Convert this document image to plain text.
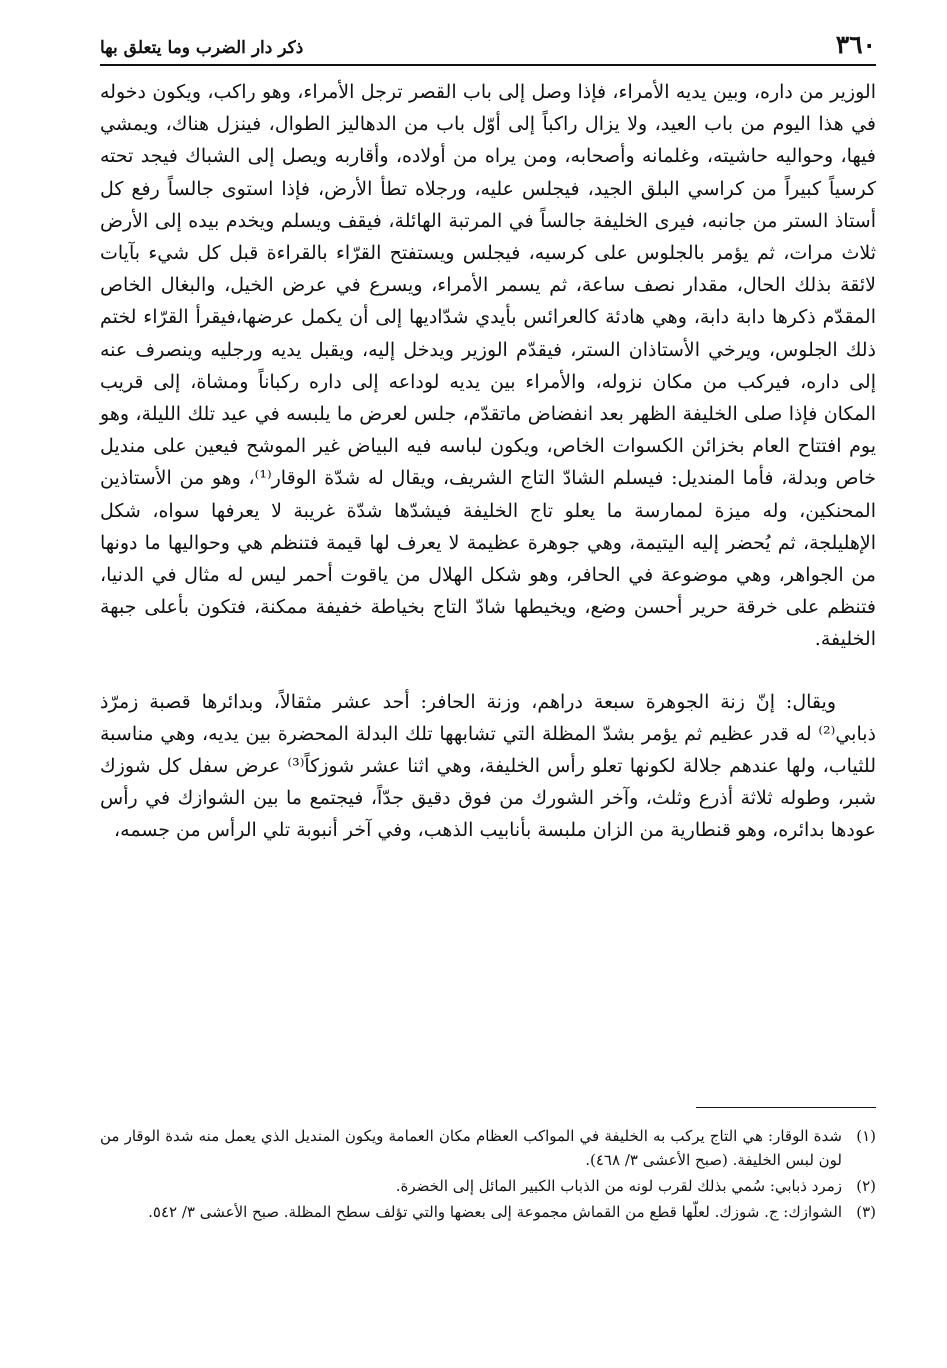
٣٦٠
ذكر دار الضرب وما يتعلق بها

الوزير من داره، وبين يديه الأمراء، فإذا وصل إلى باب القصر ترجل الأمراء، وهو راكب، ويكون دخوله في هذا اليوم من باب العيد، ولا يزال راكباً إلى أوّل باب من الدهاليز الطوال، فينزل هناك، ويمشي فيها، وحواليه حاشيته، وغلمانه وأصحابه، ومن يراه من أولاده، وأقاربه ويصل إلى الشباك فيجد تحته كرسياً كبيراً من كراسي البلق الجيد، فيجلس عليه، ورجلاه تطأ الأرض، فإذا استوى جالساً رفع كل أستاذ الستر من جانبه، فيرى الخليفة جالساً في المرتبة الهائلة، فيقف ويسلم ويخدم بيده إلى الأرض ثلاث مرات، ثم يؤمر بالجلوس على كرسيه، فيجلس ويستفتح القرّاء بالقراءة قبل كل شيء بآيات لائقة بذلك الحال، مقدار نصف ساعة، ثم يسمر الأمراء، ويسرع في عرض الخيل، والبغال الخاص المقدّم ذكرها دابة دابة، وهي هادئة كالعرائس بأيدي شدّاديها إلى أن يكمل عرضها،فيقرأ القرّاء لختم ذلك الجلوس، ويرخي الأستاذان الستر، فيقدّم الوزير ويدخل إليه، ويقبل يديه ورجليه وينصرف عنه إلى داره، فيركب من مكان نزوله، والأمراء بين يديه لوداعه إلى داره ركباناً ومشاة، إلى قريب المكان فإذا صلى الخليفة الظهر بعد انفضاض ماتقدّم، جلس لعرض ما يلبسه في عيد تلك الليلة، وهو يوم افتتاح العام بخزائن الكسوات الخاص، ويكون لباسه فيه البياض غير الموشح فيعين على منديل خاص وبدلة، فأما المنديل: فيسلم الشادّ التاج الشريف، ويقال له شدّة الوقار⁽¹⁾، وهو من الأستاذين المحنكين، وله ميزة لممارسة ما يعلو تاج الخليفة فيشدّها شدّة غريبة لا يعرفها سواه، شكل الإهليلجة، ثم يُحضر إليه اليتيمة، وهي جوهرة عظيمة لا يعرف لها قيمة فتنظم هي وحواليها ما دونها من الجواهر، وهي موضوعة في الحافر، وهو شكل الهلال من ياقوت أحمر ليس له مثال في الدنيا، فتنظم على خرقة حرير أحسن وضع، ويخيطها شادّ التاج بخياطة خفيفة ممكنة، فتكون بأعلى جبهة الخليفة.

ويقال: إنّ زنة الجوهرة سبعة دراهم، وزنة الحافر: أحد عشر مثقالاً، وبدائرها قصبة زمرّذ ذبابي⁽²⁾ له قدر عظيم ثم يؤمر بشدّ المظلة التي تشابهها تلك البدلة المحضرة بين يديه، وهي مناسبة للثياب، ولها عندهم جلالة لكونها تعلو رأس الخليفة، وهي اثنا عشر شوزكاً⁽³⁾ عرض سفل كل شوزك شبر، وطوله ثلاثة أذرع وثلث، وآخر الشورك من فوق دقيق جدّاً، فيجتمع ما بين الشوازك في رأس عودها بدائره، وهو قنطارية من الزان ملبسة بأنابيب الذهب، وفي آخر أنبوبة تلي الرأس من جسمه،

(١)
شدة الوقار: هي التاج يركب به الخليفة في المواكب العظام مكان العمامة ويكون المنديل الذي يعمل منه شدة الوقار من لون لبس الخليفة. (صبح الأعشى ٣/ ٤٦٨).
(٢)
زمرد ذبابي: سُمي بذلك لقرب لونه من الذباب الكبير المائل إلى الخضرة.
(٣)
الشوازك: ج. شوزك. لعلّها قطع من القماش مجموعة إلى بعضها والتي تؤلف سطح المظلة. صبح الأعشى ٣/ ٥٤٢.
